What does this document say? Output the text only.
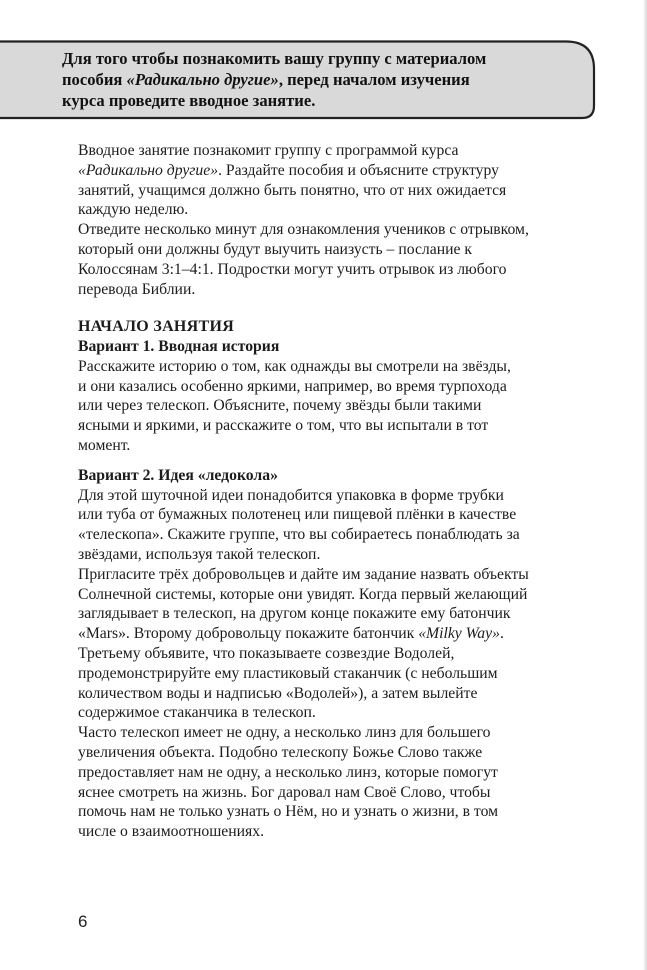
Для того чтобы познакомить вашу группу с материалом
пособия «Радикально другие», перед началом изучения
курса проведите вводное занятие.

Вводное занятие познакомит группу с программой курса
«Радикально другие». Раздайте пособия и объясните структуру
занятий, учащимся должно быть понятно, что от них ожидается
каждую неделю.

Отведите несколько минут для ознакомления учеников с отрывком,
который они должны будут выучить наизусть – послание к
Колоссянам 3:1–4:1. Подростки могут учить отрывок из любого
перевода Библии.

НАЧАЛО ЗАНЯТИЯ

Вариант 1. Вводная история

Расскажите историю о том, как однажды вы смотрели на звёзды,
и они казались особенно яркими, например, во время турпохода
или через телескоп. Объясните, почему звёзды были такими
ясными и яркими, и расскажите о том, что вы испытали в тот
момент.

Вариант 2. Идея «ледокола»

Для этой шуточной идеи понадобится упаковка в форме трубки
или туба от бумажных полотенец или пищевой плёнки в качестве
«телескопа». Скажите группе, что вы собираетесь понаблюдать за
звёздами, используя такой телескоп.
Пригласите трёх добровольцев и дайте им задание назвать объекты
Солнечной системы, которые они увидят. Когда первый желающий
заглядывает в телескоп, на другом конце покажите ему батончик
«Mars». Второму добровольцу покажите батончик «Milky Way».
Третьему объявите, что показываете созвездие Водолей,
продемонстрируйте ему пластиковый стаканчик (с небольшим
количеством воды и надписью «Водолей»), а затем вылейте
содержимое стаканчика в телескоп.
Часто телескоп имеет не одну, а несколько линз для большего
увеличения объекта. Подобно телескопу Божье Слово также
предоставляет нам не одну, а несколько линз, которые помогут
яснее смотреть на жизнь. Бог даровал нам Своё Слово, чтобы
помочь нам не только узнать о Нём, но и узнать о жизни, в том
числе о взаимоотношениях.

6
